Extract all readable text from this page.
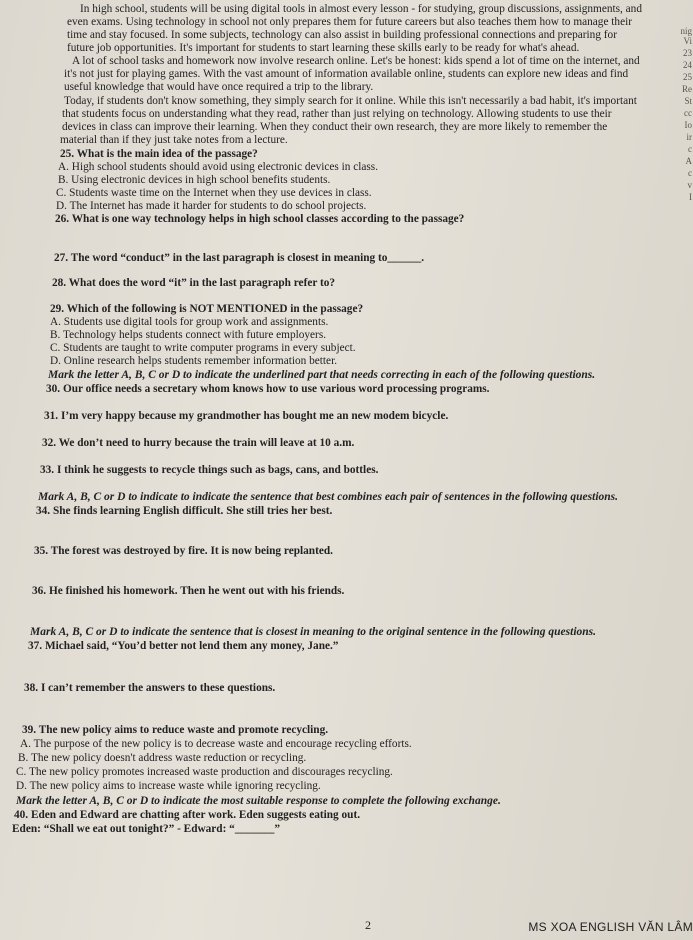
nig
Vi
23
24
25
Re
St
cc
Io
ir
c
A
c
v
I
In high school, students will be using digital tools in almost every lesson - for studying, group discussions, assignments, and
even exams. Using technology in school not only prepares them for future careers but also teaches them how to manage their
time and stay focused. In some subjects, technology can also assist in building professional connections and preparing for
future job opportunities. It's important for students to start learning these skills early to be ready for what's ahead.
A lot of school tasks and homework now involve research online. Let's be honest: kids spend a lot of time on the internet, and
it's not just for playing games. With the vast amount of information available online, students can explore new ideas and find
useful knowledge that would have once required a trip to the library.
Today, if students don't know something, they simply search for it online. While this isn't necessarily a bad habit, it's important
that students focus on understanding what they read, rather than just relying on technology. Allowing students to use their
devices in class can improve their learning. When they conduct their own research, they are more likely to remember the
material than if they just take notes from a lecture.
25. What is the main idea of the passage?
A. High school students should avoid using electronic devices in class.
B. Using electronic devices in high school benefits students.
C. Students waste time on the Internet when they use devices in class.
D. The Internet has made it harder for students to do school projects.
26. What is one way technology helps in high school classes according to the passage?
27. The word “conduct” in the last paragraph is closest in meaning to______.
28. What does the word “it” in the last paragraph refer to?
29. Which of the following is NOT MENTIONED in the passage?
A. Students use digital tools for group work and assignments.
B. Technology helps students connect with future employers.
C. Students are taught to write computer programs in every subject.
D. Online research helps students remember information better.
Mark the letter A, B, C or D to indicate the underlined part that needs correcting in each of the following questions.
30. Our office needs a secretary whom knows how to use various word processing programs.
31. I’m very happy because my grandmother has bought me an new modem bicycle.
32. We don’t need to hurry because the train will leave at 10 a.m.
33. I think he suggests to recycle things such as bags, cans, and bottles.
Mark A, B, C or D to indicate to indicate the sentence that best combines each pair of sentences in the following questions.
34. She finds learning English difficult. She still tries her best.
35. The forest was destroyed by fire. It is now being replanted.
36. He finished his homework. Then he went out with his friends.
Mark A, B, C or D to indicate the sentence that is closest in meaning to the original sentence in the following questions.
37. Michael said, “You’d better not lend them any money, Jane.”
38. I can’t remember the answers to these questions.
39. The new policy aims to reduce waste and promote recycling.
A. The purpose of the new policy is to decrease waste and encourage recycling efforts.
B. The new policy doesn't address waste reduction or recycling.
C. The new policy promotes increased waste production and discourages recycling.
D. The new policy aims to increase waste while ignoring recycling.
Mark the letter A, B, C or D to indicate the most suitable response to complete the following exchange.
40. Eden and Edward are chatting after work. Eden suggests eating out.
Eden: “Shall we eat out tonight?” - Edward: “_______”
2	MS XOA ENGLISH VĂN LÂM
